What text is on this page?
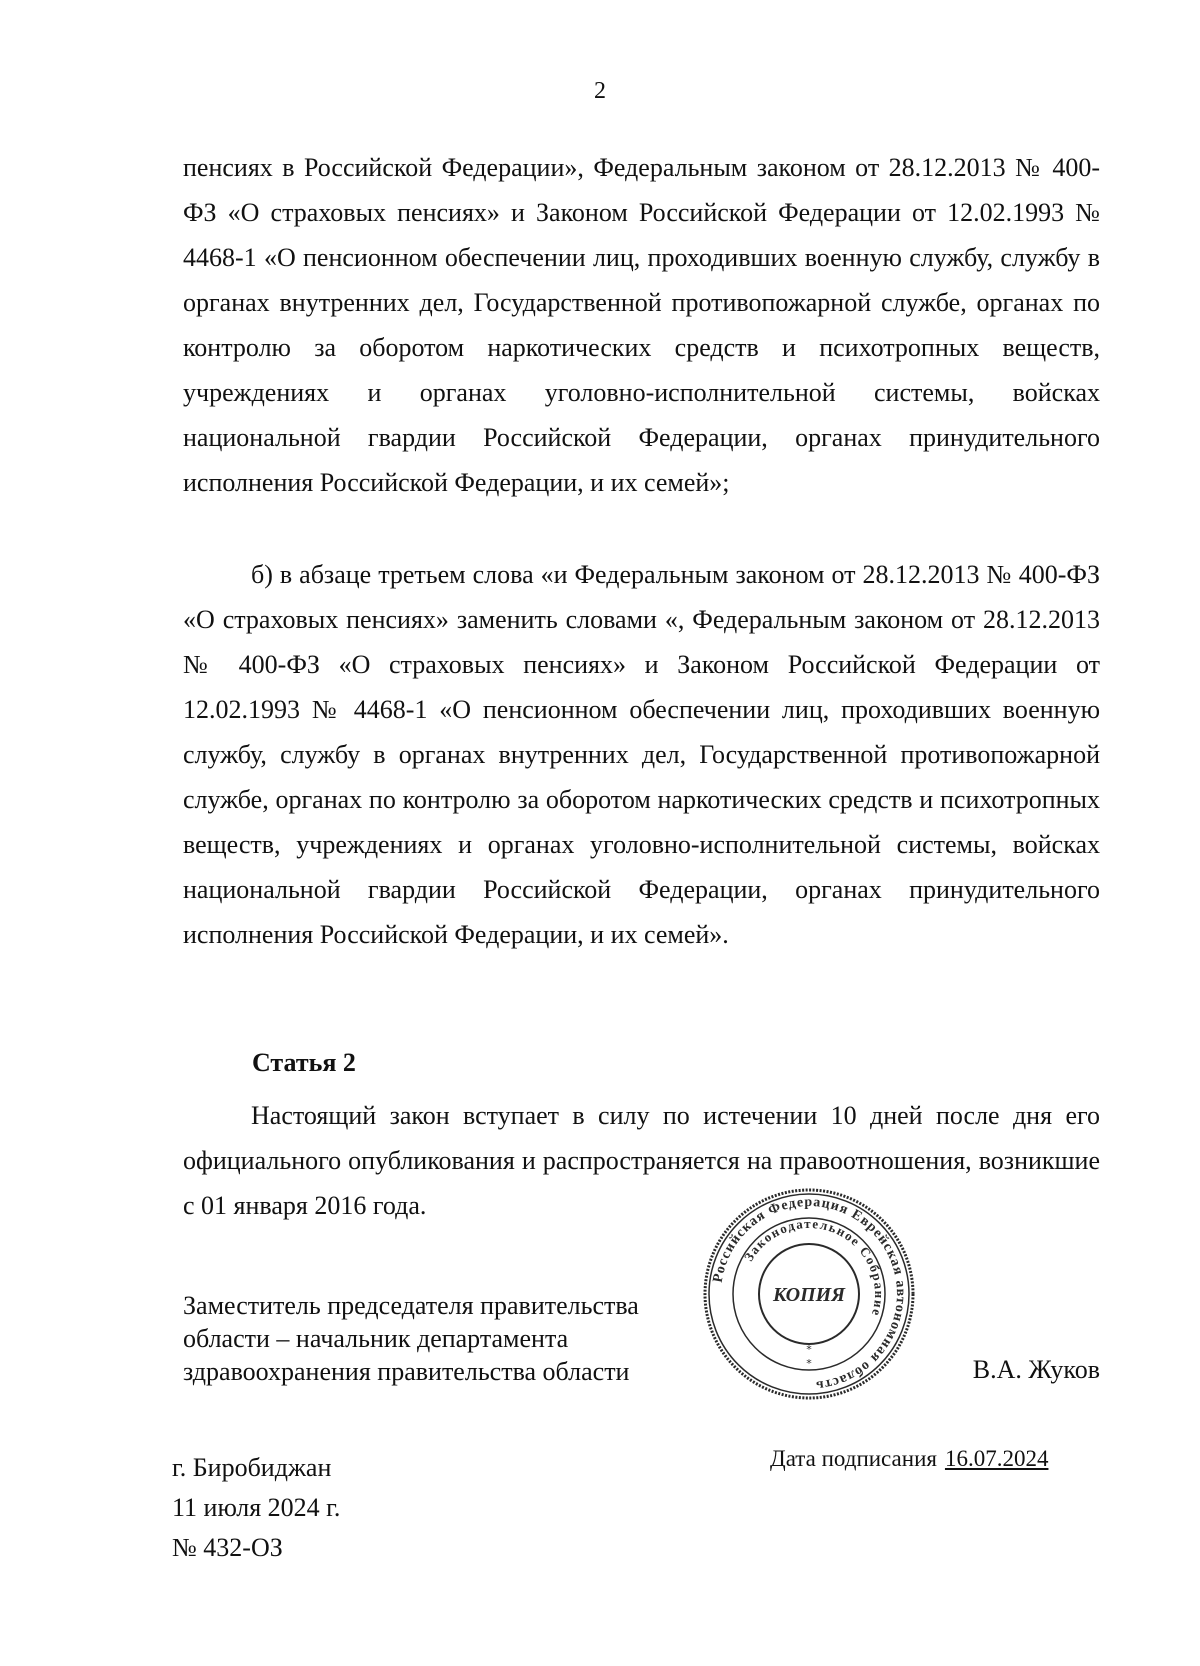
2

пенсиях в Российской Федерации», Федеральным законом от 28.12.2013 № 400-ФЗ «О страховых пенсиях» и Законом Российской Федерации от 12.02.1993 № 4468-1 «О пенсионном обеспечении лиц, проходивших военную службу, службу в органах внутренних дел, Государственной противопожарной службе, органах по контролю за оборотом наркотических средств и психотропных веществ, учреждениях и органах уголовно-исполнительной системы, войсках национальной гвардии Российской Федерации, органах принудительного исполнения Российской Федерации, и их семей»;

б) в абзаце третьем слова «и Федеральным законом от 28.12.2013 № 400-ФЗ «О страховых пенсиях» заменить словами «, Федеральным законом от 28.12.2013 № 400-ФЗ «О страховых пенсиях» и Законом Российской Федерации от 12.02.1993 № 4468-1 «О пенсионном обеспечении лиц, проходивших военную службу, службу в органах внутренних дел, Государственной противопожарной службе, органах по контролю за оборотом наркотических средств и психотропных веществ, учреждениях и органах уголовно-исполнительной системы, войсках национальной гвардии Российской Федерации, органах принудительного исполнения Российской Федерации, и их семей».

Статья 2

Настоящий закон вступает в силу по истечении 10 дней после дня его официального опубликования и распространяется на правоотношения, возникшие с 01 января 2016 года.

Заместитель председателя правительства
области – начальник департамента
здравоохранения правительства области
Российская Федерация Еврейская автономная область
Законодательное Собрание
КОПИЯ
*
*	В.А. Жуков
г. Биробиджан
11 июля 2024 г.
№ 432-ОЗ
Дата подписания 16.07.2024
